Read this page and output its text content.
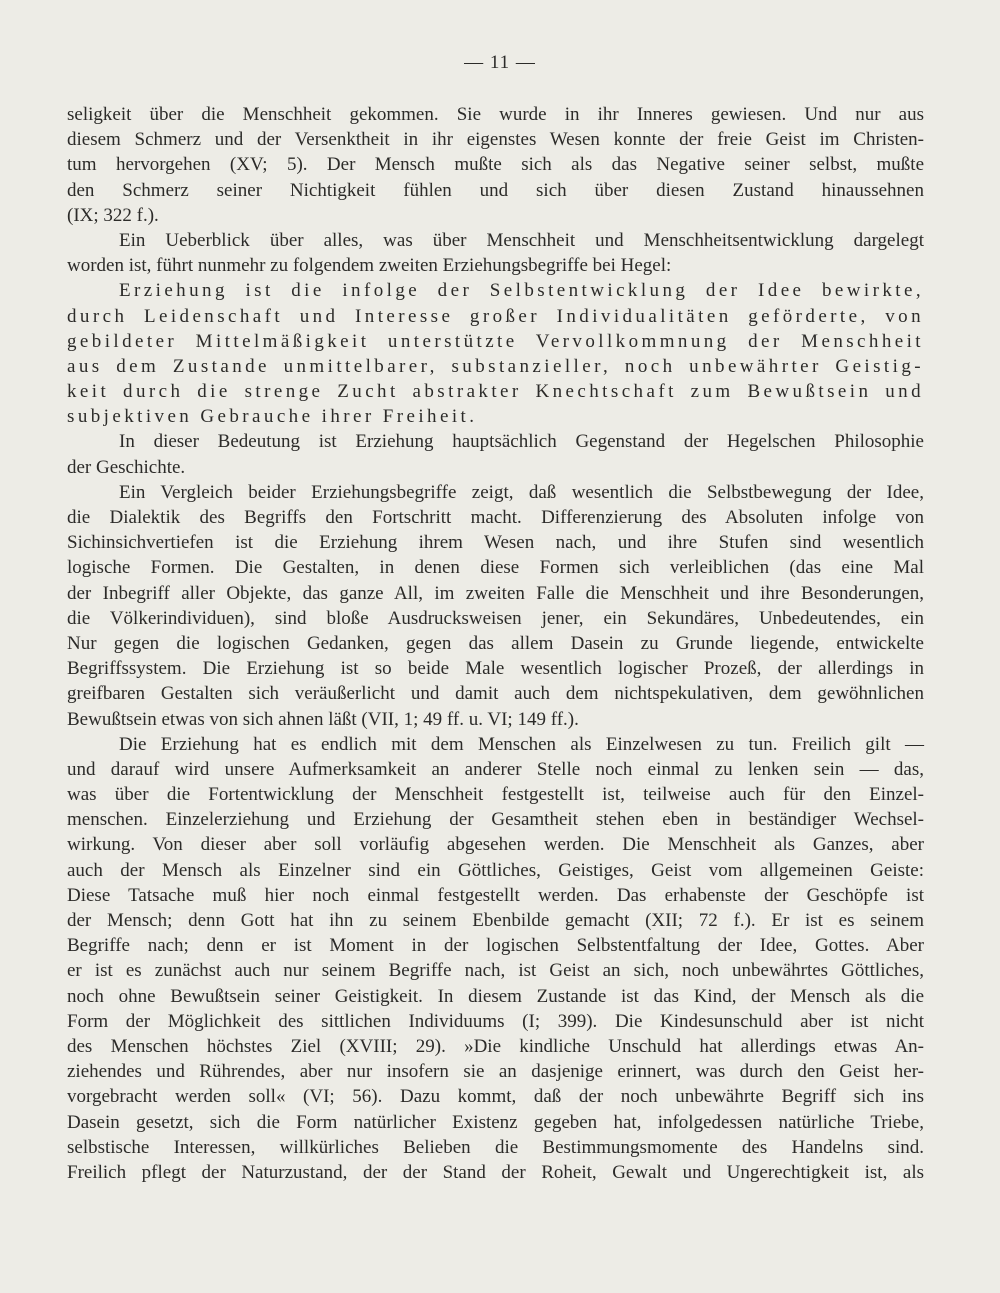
— 11 —
seligkeit über die Menschheit gekommen. Sie wurde in ihr Inneres gewiesen. Und nur aus
diesem Schmerz und der Versenktheit in ihr eigenstes Wesen konnte der freie Geist im Christen-
tum hervorgehen (XV; 5). Der Mensch mußte sich als das Negative seiner selbst, mußte
den Schmerz seiner Nichtigkeit fühlen und sich über diesen Zustand hinaussehnen
(IX; 322 f.).
Ein Ueberblick über alles, was über Menschheit und Menschheitsentwicklung dargelegt
worden ist, führt nunmehr zu folgendem zweiten Erziehungsbegriffe bei Hegel:
Erziehung ist die infolge der Selbstentwicklung der Idee bewirkte,
durch Leidenschaft und Interesse großer Individualitäten geförderte, von
gebildeter Mittelmäßigkeit unterstützte Vervollkommnung der Menschheit
aus dem Zustande unmittelbarer, substanzieller, noch unbewährter Geistig-
keit durch die strenge Zucht abstrakter Knechtschaft zum Bewußtsein und
subjektiven Gebrauche ihrer Freiheit.
In dieser Bedeutung ist Erziehung hauptsächlich Gegenstand der Hegelschen Philosophie
der Geschichte.
Ein Vergleich beider Erziehungsbegriffe zeigt, daß wesentlich die Selbstbewegung der Idee,
die Dialektik des Begriffs den Fortschritt macht. Differenzierung des Absoluten infolge von
Sichinsichvertiefen ist die Erziehung ihrem Wesen nach, und ihre Stufen sind wesentlich
logische Formen. Die Gestalten, in denen diese Formen sich verleiblichen (das eine Mal
der Inbegriff aller Objekte, das ganze All, im zweiten Falle die Menschheit und ihre Besonderungen,
die Völkerindividuen), sind bloße Ausdrucksweisen jener, ein Sekundäres, Unbedeutendes, ein
Nur gegen die logischen Gedanken, gegen das allem Dasein zu Grunde liegende, entwickelte
Begriffssystem. Die Erziehung ist so beide Male wesentlich logischer Prozeß, der allerdings in
greifbaren Gestalten sich veräußerlicht und damit auch dem nichtspekulativen, dem gewöhnlichen
Bewußtsein etwas von sich ahnen läßt (VII, 1; 49 ff. u. VI; 149 ff.).
Die Erziehung hat es endlich mit dem Menschen als Einzelwesen zu tun. Freilich gilt —
und darauf wird unsere Aufmerksamkeit an anderer Stelle noch einmal zu lenken sein — das,
was über die Fortentwicklung der Menschheit festgestellt ist, teilweise auch für den Einzel-
menschen. Einzelerziehung und Erziehung der Gesamtheit stehen eben in beständiger Wechsel-
wirkung. Von dieser aber soll vorläufig abgesehen werden. Die Menschheit als Ganzes, aber
auch der Mensch als Einzelner sind ein Göttliches, Geistiges, Geist vom allgemeinen Geiste:
Diese Tatsache muß hier noch einmal festgestellt werden. Das erhabenste der Geschöpfe ist
der Mensch; denn Gott hat ihn zu seinem Ebenbilde gemacht (XII; 72 f.). Er ist es seinem
Begriffe nach; denn er ist Moment in der logischen Selbstentfaltung der Idee, Gottes. Aber
er ist es zunächst auch nur seinem Begriffe nach, ist Geist an sich, noch unbewährtes Göttliches,
noch ohne Bewußtsein seiner Geistigkeit. In diesem Zustande ist das Kind, der Mensch als die
Form der Möglichkeit des sittlichen Individuums (I; 399). Die Kindesunschuld aber ist nicht
des Menschen höchstes Ziel (XVIII; 29). »Die kindliche Unschuld hat allerdings etwas An-
ziehendes und Rührendes, aber nur insofern sie an dasjenige erinnert, was durch den Geist her-
vorgebracht werden soll« (VI; 56). Dazu kommt, daß der noch unbewährte Begriff sich ins
Dasein gesetzt, sich die Form natürlicher Existenz gegeben hat, infolgedessen natürliche Triebe,
selbstische Interessen, willkürliches Belieben die Bestimmungsmomente des Handelns sind.
Freilich pflegt der Naturzustand, der der Stand der Roheit, Gewalt und Ungerechtigkeit ist, als
